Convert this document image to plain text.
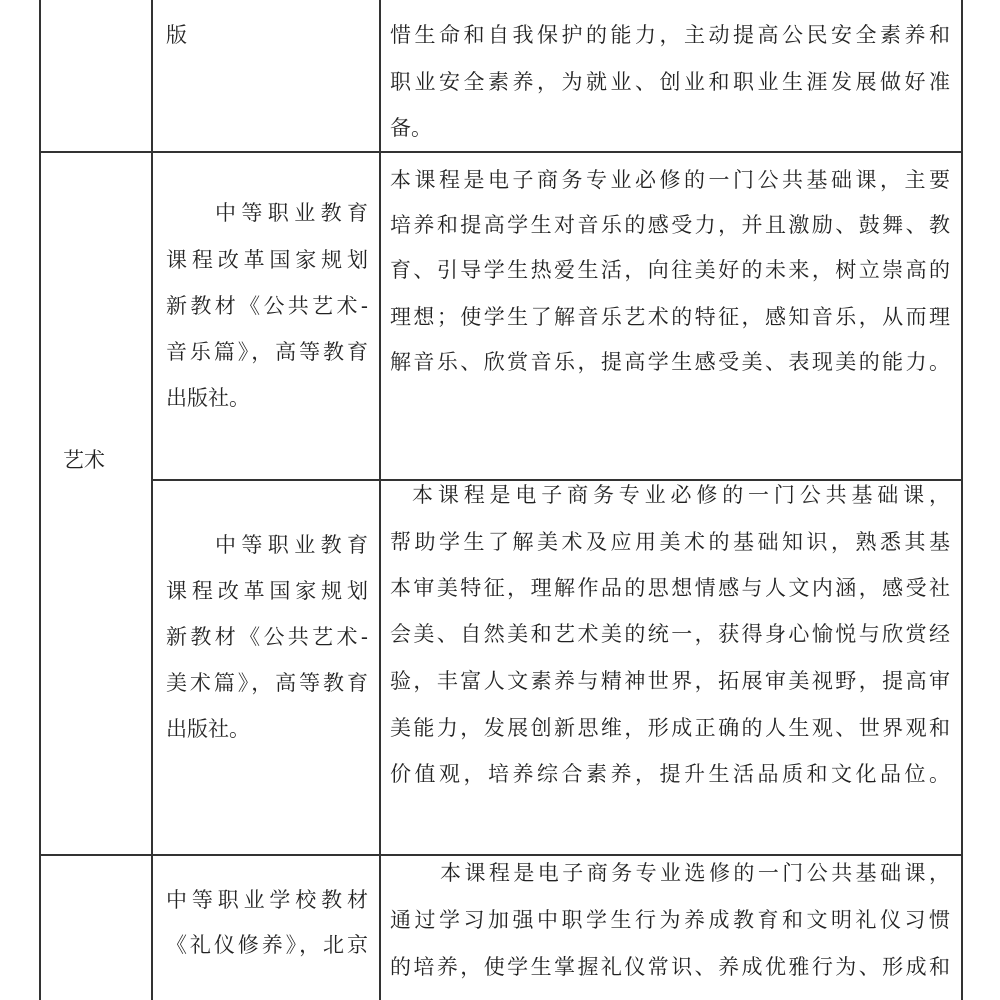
版	惜生命和自我保护的能力，主动提高公民安全素养和
职业安全素养，为就业、创业和职业生涯发展做好准
备。
艺术
中等职业教育
课程改革国家规划
新教材《公共艺术-
音乐篇》，高等教育
出版社。
本课程是电子商务专业必修的一门公共基础课，主要
培养和提高学生对音乐的感受力，并且激励、鼓舞、教
育、引导学生热爱生活，向往美好的未来，树立崇高的
理想；使学生了解音乐艺术的特征，感知音乐，从而理
解音乐、欣赏音乐，提高学生感受美、表现美的能力。
中等职业教育
课程改革国家规划
新教材《公共艺术-
美术篇》，高等教育
出版社。
本课程是电子商务专业必修的一门公共基础课，
帮助学生了解美术及应用美术的基础知识，熟悉其基
本审美特征，理解作品的思想情感与人文内涵，感受社
会美、自然美和艺术美的统一，获得身心愉悦与欣赏经
验，丰富人文素养与精神世界，拓展审美视野，提高审
美能力，发展创新思维，形成正确的人生观、世界观和
价值观，培养综合素养，提升生活品质和文化品位。
中等职业学校教材
《礼仪修养》，北京
本课程是电子商务专业选修的一门公共基础课，
通过学习加强中职学生行为养成教育和文明礼仪习惯
的培养，使学生掌握礼仪常识、养成优雅行为、形成和
